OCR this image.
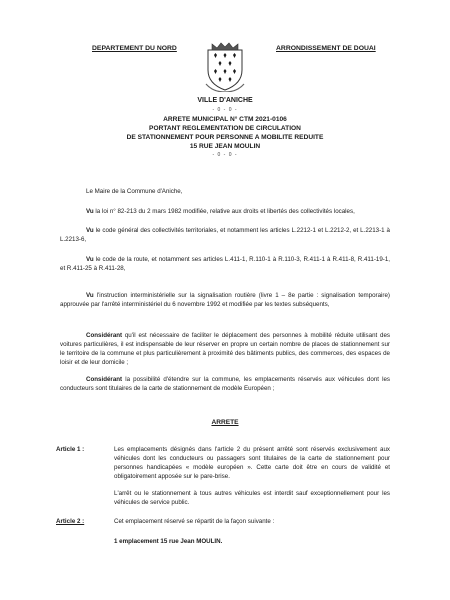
DEPARTEMENT DU NORD	ARRONDISSEMENT DE DOUAI
VILLE D'ANICHE
- 0 - 0 -
ARRETE MUNICIPAL N° CTM 2021-0106
PORTANT REGLEMENTATION DE CIRCULATION
DE STATIONNEMENT POUR PERSONNE A MOBILITE REDUITE
15 RUE JEAN MOULIN
- 0 - 0 -
Le Maire de la Commune d'Aniche,
Vu la loi n° 82-213 du 2 mars 1982 modifiée, relative aux droits et libertés des collectivités locales,
Vu le code général des collectivités territoriales, et notamment les articles L.2212-1 et L.2212-2, et L.2213-1 à L.2213-6,
Vu le code de la route, et notamment ses articles L.411-1, R.110-1 à R.110-3, R.411-1 à R.411-8, R.411-19-1, et R.411-25 à R.411-28,
Vu l'instruction interministérielle sur la signalisation routière (livre 1 – 8e partie : signalisation temporaire) approuvée par l'arrêté interministériel du 6 novembre 1992 et modifiée par les textes subséquents,
Considérant qu'il est nécessaire de faciliter le déplacement des personnes à mobilité réduite utilisant des voitures particulières, il est indispensable de leur réserver en propre un certain nombre de places de stationnement sur le territoire de la commune et plus particulièrement à proximité des bâtiments publics, des commerces, des espaces de loisir et de leur domicile ;
Considérant la possibilité d'étendre sur la commune, les emplacements réservés aux véhicules dont les conducteurs sont titulaires de la carte de stationnement de modèle Européen ;
ARRETE
Article 1 :	Les emplacements désignés dans l'article 2 du présent arrêté sont réservés exclusivement aux véhicules dont les conducteurs ou passagers sont titulaires de la carte de stationnement pour personnes handicapées « modèle européen ». Cette carte doit être en cours de validité et obligatoirement apposée sur le pare-brise.
L'arrêt ou le stationnement à tous autres véhicules est interdit sauf exceptionnellement pour les véhicules de service public.
Article 2 :	Cet emplacement réservé se répartit de la façon suivante :
1 emplacement 15 rue Jean MOULIN.
